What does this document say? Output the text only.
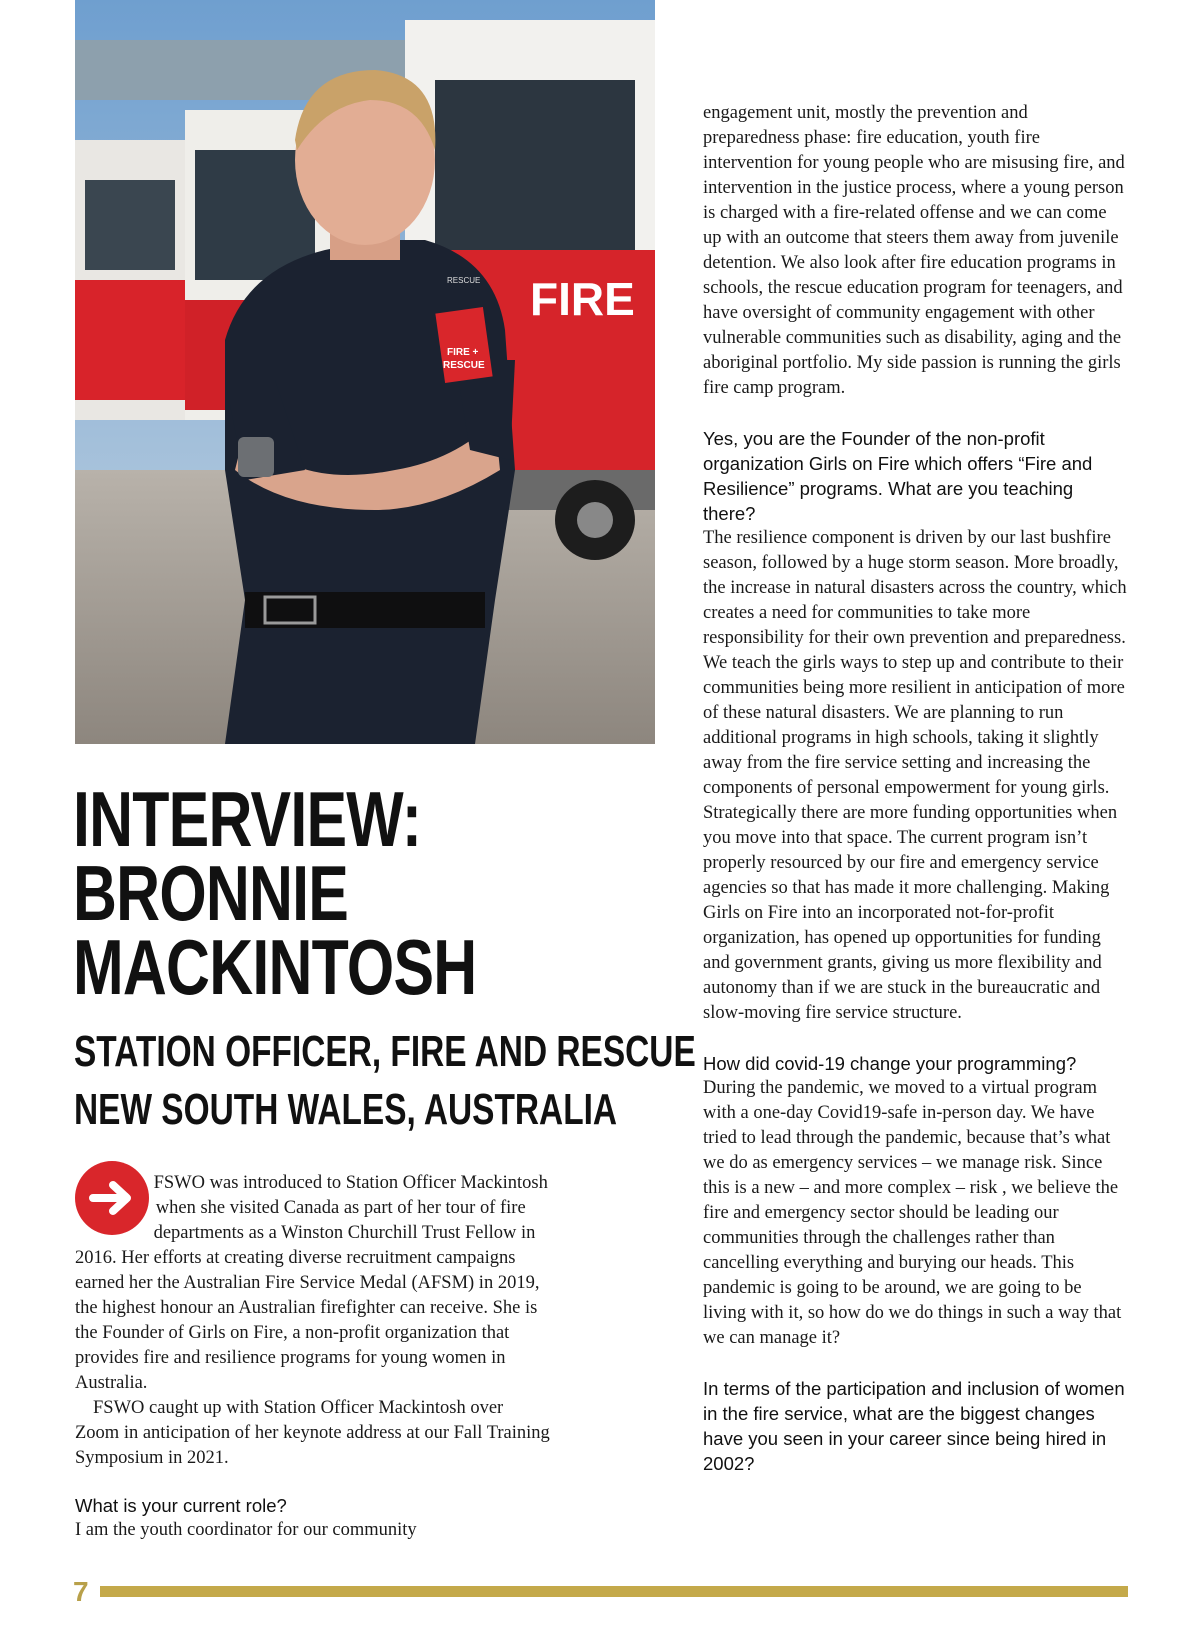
FIRE
FIRE +
RESCUE
RESCUE
INTERVIEW:
BRONNIE
MACKINTOSH
STATION OFFICER, FIRE AND RESCUE
NEW SOUTH WALES, AUSTRALIA

FSWO was introduced to Station Officer Mackintosh when she visited Canada as part of her tour of fire departments as a Winston Churchill Trust Fellow in 2016. Her efforts at creating diverse recruitment campaigns earned her the Australian Fire Service Medal (AFSM) in 2019, the highest honour an Australian firefighter can receive. She is the Founder of Girls on Fire, a non-profit organization that provides fire and resilience programs for young women in Australia.

FSWO caught up with Station Officer Mackintosh over Zoom in anticipation of her keynote address at our Fall Training Symposium in 2021.

What is your current role?

I am the youth coordinator for our community

engagement unit, mostly the prevention and preparedness phase: fire education, youth fire intervention for young people who are misusing fire, and intervention in the justice process, where a young person is charged with a fire-related offense and we can come up with an outcome that steers them away from juvenile detention. We also look after fire education programs in schools, the rescue education program for teenagers, and have oversight of community engagement with other vulnerable communities such as disability, aging and the aboriginal portfolio. My side passion is running the girls fire camp program.

Yes, you are the Founder of the non-profit organization Girls on Fire which offers “Fire and Resilience” programs. What are you teaching there?

The resilience component is driven by our last bushfire season, followed by a huge storm season. More broadly, the increase in natural disasters across the country, which creates a need for communities to take more responsibility for their own prevention and preparedness. We teach the girls ways to step up and contribute to their communities being more resilient in anticipation of more of these natural disasters. We are planning to run additional programs in high schools, taking it slightly away from the fire service setting and increasing the components of personal empowerment for young girls. Strategically there are more funding opportunities when you move into that space. The current program isn’t properly resourced by our fire and emergency service agencies so that has made it more challenging. Making Girls on Fire into an incorporated not-for-profit organization, has opened up opportunities for funding and government grants, giving us more flexibility and autonomy than if we are stuck in the bureaucratic and slow-moving fire service structure.

How did covid-19 change your programming?

During the pandemic, we moved to a virtual program with a one-day Covid19-safe in-person day. We have tried to lead through the pandemic, because that’s what we do as emergency services – we manage risk. Since this is a new – and more complex – risk , we believe the fire and emergency sector should be leading our communities through the challenges rather than cancelling everything and burying our heads. This pandemic is going to be around, we are going to be living with it, so how do we do things in such a way that we can manage it?

In terms of the participation and inclusion of women in the fire service, what are the biggest changes have you seen in your career since being hired in 2002?

7
